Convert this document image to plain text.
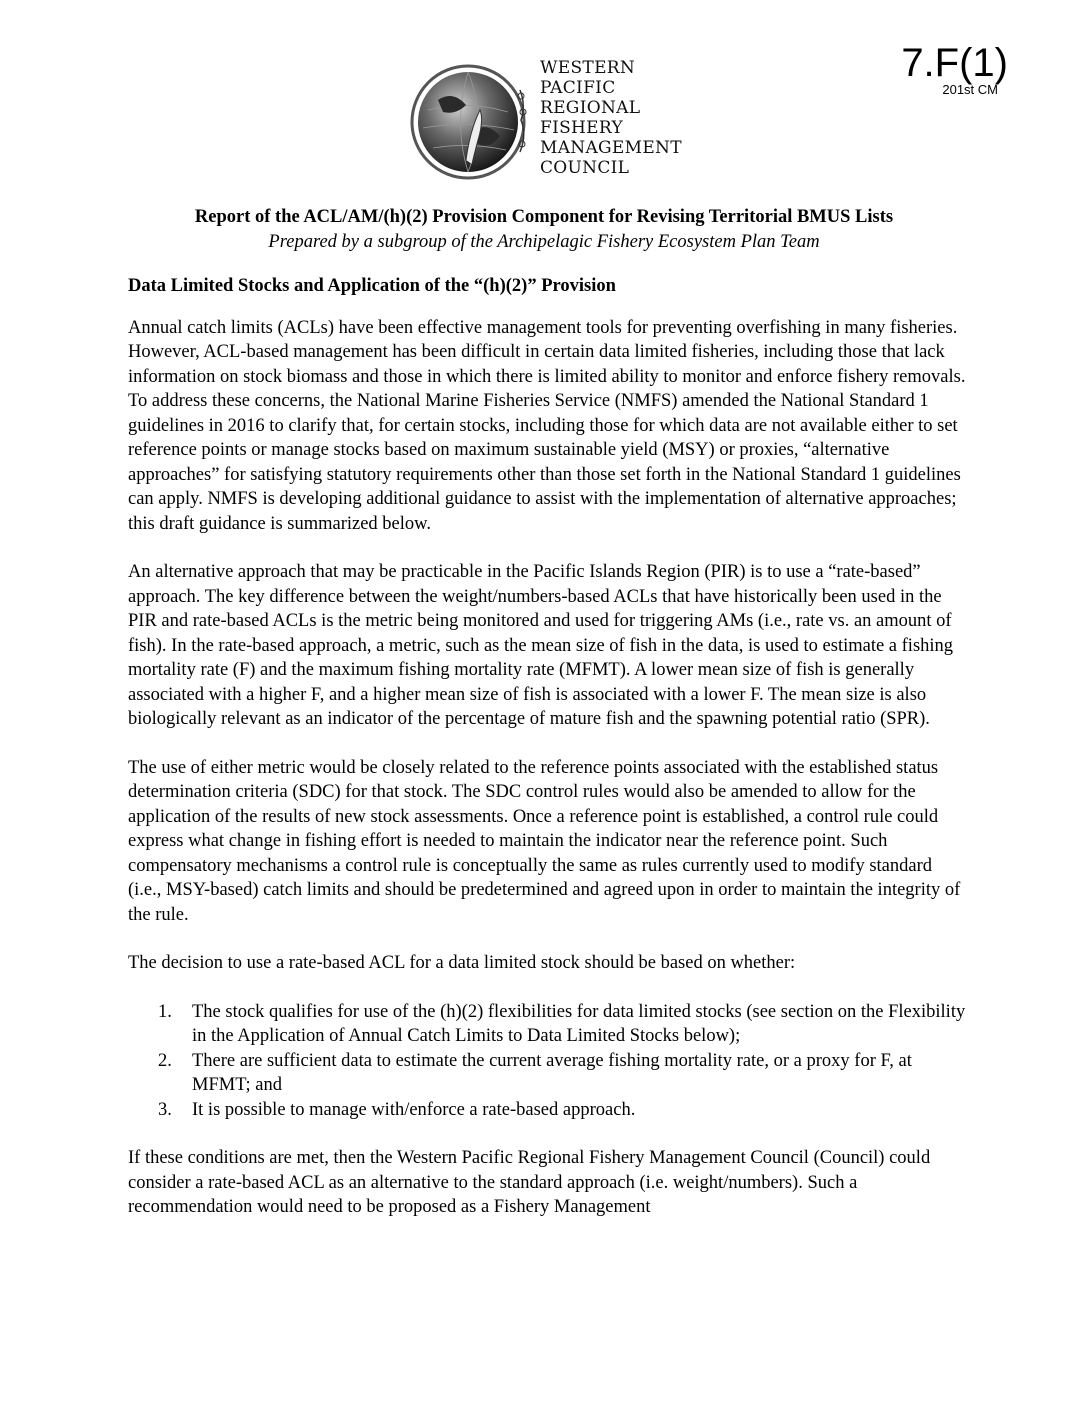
WESTERN
PACIFIC
REGIONAL
FISHERY
MANAGEMENT
COUNCIL
7.F(1)
201st CM
Report of the ACL/AM/(h)(2) Provision Component for Revising Territorial BMUS Lists
Prepared by a subgroup of the Archipelagic Fishery Ecosystem Plan Team
Data Limited Stocks and Application of the “(h)(2)” Provision

Annual catch limits (ACLs) have been effective management tools for preventing overfishing in many fisheries. However, ACL-based management has been difficult in certain data limited fisheries, including those that lack information on stock biomass and those in which there is limited ability to monitor and enforce fishery removals. To address these concerns, the National Marine Fisheries Service (NMFS) amended the National Standard 1 guidelines in 2016 to clarify that, for certain stocks, including those for which data are not available either to set reference points or manage stocks based on maximum sustainable yield (MSY) or proxies, “alternative approaches” for satisfying statutory requirements other than those set forth in the National Standard 1 guidelines can apply. NMFS is developing additional guidance to assist with the implementation of alternative approaches; this draft guidance is summarized below.

An alternative approach that may be practicable in the Pacific Islands Region (PIR) is to use a “rate-based” approach. The key difference between the weight/numbers-based ACLs that have historically been used in the PIR and rate-based ACLs is the metric being monitored and used for triggering AMs (i.e., rate vs. an amount of fish). In the rate-based approach, a metric, such as the mean size of fish in the data, is used to estimate a fishing mortality rate (F) and the maximum fishing mortality rate (MFMT). A lower mean size of fish is generally associated with a higher F, and a higher mean size of fish is associated with a lower F. The mean size is also biologically relevant as an indicator of the percentage of mature fish and the spawning potential ratio (SPR).

The use of either metric would be closely related to the reference points associated with the established status determination criteria (SDC) for that stock. The SDC control rules would also be amended to allow for the application of the results of new stock assessments. Once a reference point is established, a control rule could express what change in fishing effort is needed to maintain the indicator near the reference point. Such compensatory mechanisms a control rule is conceptually the same as rules currently used to modify standard (i.e., MSY-based) catch limits and should be predetermined and agreed upon in order to maintain the integrity of the rule.

The decision to use a rate-based ACL for a data limited stock should be based on whether:

1. The stock qualifies for use of the (h)(2) flexibilities for data limited stocks (see section on the Flexibility in the Application of Annual Catch Limits to Data Limited Stocks below);
2. There are sufficient data to estimate the current average fishing mortality rate, or a proxy for F, at MFMT; and
3. It is possible to manage with/enforce a rate-based approach.

If these conditions are met, then the Western Pacific Regional Fishery Management Council (Council) could consider a rate-based ACL as an alternative to the standard approach (i.e. weight/numbers). Such a recommendation would need to be proposed as a Fishery Management
